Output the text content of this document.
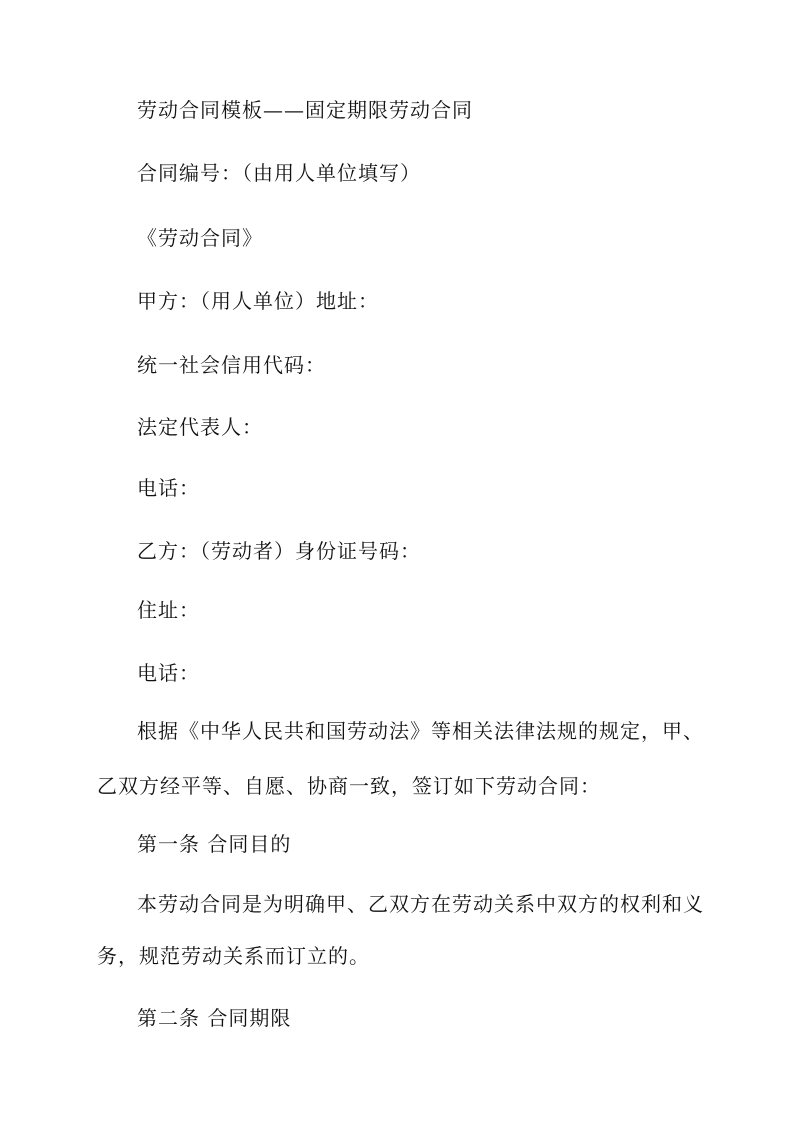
劳动合同模板——固定期限劳动合同
合同编号：（由用人单位填写）
《劳动合同》
甲方：（用人单位）地址：
统一社会信用代码：
法定代表人：
电话：
乙方：（劳动者）身份证号码：
住址：
电话：
根据《中华人民共和国劳动法》等相关法律法规的规定，甲、
乙双方经平等、自愿、协商一致，签订如下劳动合同：
第一条 合同目的
本劳动合同是为明确甲、乙双方在劳动关系中双方的权利和义
务，规范劳动关系而订立的。
第二条 合同期限
